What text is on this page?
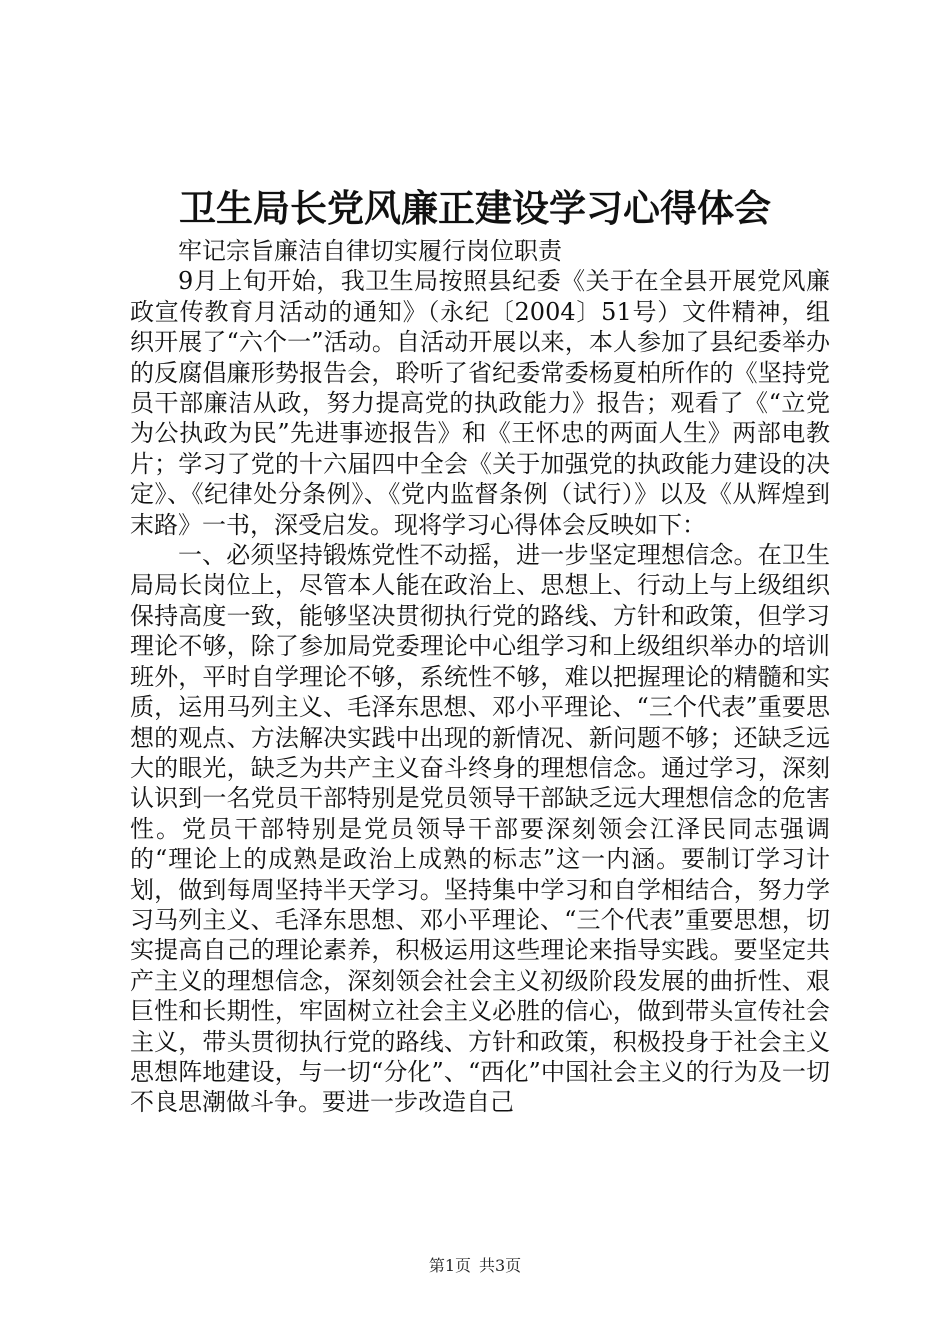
卫生局长党风廉正建设学习心得体会

牢记宗旨廉洁自律切实履行岗位职责

9月上旬开始，我卫生局按照县纪委《关于在全县开展党风廉政宣传教育月活动的通知》（永纪〔2004〕51号）文件精神，组织开展了“六个一”活动。自活动开展以来，本人参加了县纪委举办的反腐倡廉形势报告会，聆听了省纪委常委杨夏柏所作的《坚持党员干部廉洁从政，努力提高党的执政能力》报告；观看了《“立党为公执政为民”先进事迹报告》和《王怀忠的两面人生》两部电教片；学习了党的十六届四中全会《关于加强党的执政能力建设的决定》、《纪律处分条例》、《党内监督条例（试行）》以及《从辉煌到末路》一书，深受启发。现将学习心得体会反映如下：

一、必须坚持锻炼党性不动摇，进一步坚定理想信念。在卫生局局长岗位上，尽管本人能在政治上、思想上、行动上与上级组织保持高度一致，能够坚决贯彻执行党的路线、方针和政策，但学习理论不够，除了参加局党委理论中心组学习和上级组织举办的培训班外，平时自学理论不够，系统性不够，难以把握理论的精髓和实质，运用马列主义、毛泽东思想、邓小平理论、“三个代表”重要思想的观点、方法解决实践中出现的新情况、新问题不够；还缺乏远大的眼光，缺乏为共产主义奋斗终身的理想信念。通过学习，深刻认识到一名党员干部特别是党员领导干部缺乏远大理想信念的危害性。党员干部特别是党员领导干部要深刻领会江泽民同志强调的“理论上的成熟是政治上成熟的标志”这一内涵。要制订学习计划，做到每周坚持半天学习。坚持集中学习和自学相结合，努力学习马列主义、毛泽东思想、邓小平理论、“三个代表”重要思想，切实提高自己的理论素养，积极运用这些理论来指导实践。要坚定共产主义的理想信念，深刻领会社会主义初级阶段发展的曲折性、艰巨性和长期性，牢固树立社会主义必胜的信心，做到带头宣传社会主义，带头贯彻执行党的路线、方针和政策，积极投身于社会主义思想阵地建设，与一切“分化”、“西化”中国社会主义的行为及一切不良思潮做斗争。要进一步改造自己

第1页 共3页
